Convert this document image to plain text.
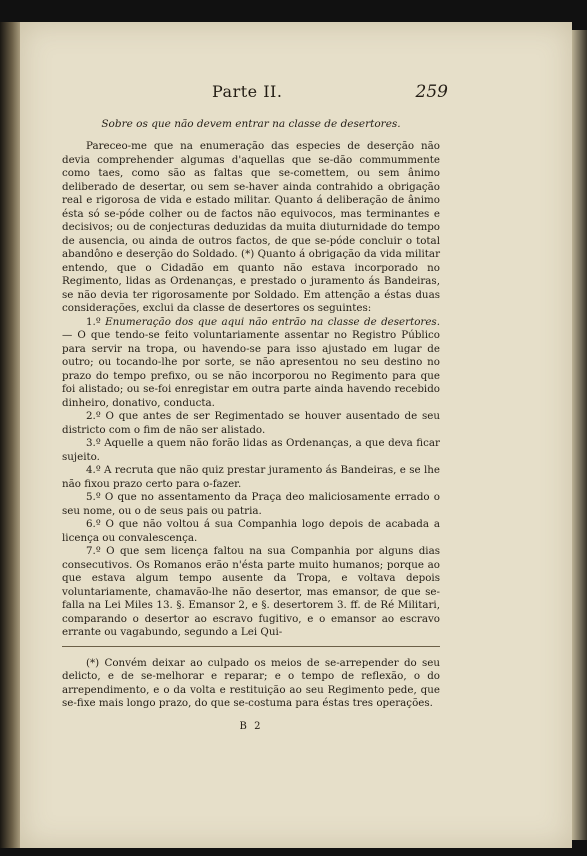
Parte II.	259
Sobre os que não devem entrar na classe de desertores.

Pareceo-me que na enumeração das especies de deserção não devia comprehender algumas d'aquellas que se-dão commummente como taes, como são as faltas que se-comettem, ou sem ânimo deliberado de desertar, ou sem se-haver ainda contrahido a obrigação real e rigorosa de vida e estado militar. Quanto á deliberação de ânimo ésta só se-póde colher ou de factos não equivocos, mas terminantes e decisivos; ou de conjecturas deduzidas da muita diuturnidade do tempo de ausencia, ou ainda de outros factos, de que se-póde concluir o total abandôno e deserção do Soldado. (*) Quanto á obrigação da vida militar entendo, que o Cidadão em quanto não estava incorporado no Regimento, lidas as Ordenanças, e prestado o juramento ás Bandeiras, se não devia ter rigorosamente por Soldado. Em attenção a éstas duas considerações, exclui da classe de desertores os seguintes:

1.º Enumeração dos que aqui não entrão na classe de desertores. — O que tendo-se feito voluntariamente assentar no Registro Público para servir na tropa, ou havendo-se para isso ajustado em lugar de outro; ou tocando-lhe por sorte, se não apresentou no seu destino no prazo do tempo prefixo, ou se não incorporou no Regimento para que foi alistado; ou se-foi enregistar em outra parte ainda havendo recebido dinheiro, donativo, conducta.

2.º O que antes de ser Regimentado se houver ausentado de seu districto com o fim de não ser alistado.

3.º Aquelle a quem não forão lidas as Ordenanças, a que deva ficar sujeito.

4.º A recruta que não quiz prestar juramento ás Bandeiras, e se lhe não fixou prazo certo para o-fazer.

5.º O que no assentamento da Praça deo maliciosamente errado o seu nome, ou o de seus pais ou patria.

6.º O que não voltou á sua Companhia logo depois de acabada a licença ou convalescença.

7.º O que sem licença faltou na sua Companhia por alguns dias consecutivos. Os Romanos erão n'ésta parte muito humanos; porque ao que estava algum tempo ausente da Tropa, e voltava depois voluntariamente, chamavão-lhe não desertor, mas emansor, de que se-falla na Lei Miles 13. §. Emansor 2, e §. desertorem 3. ff. de Ré Militari, comparando o desertor ao escravo fugitivo, e o emansor ao escravo errante ou vagabundo, segundo a Lei Qui-

(*) Convém deixar ao culpado os meios de se-arrepender do seu delicto, e de se-melhorar e reparar; e o tempo de reflexão, o do arrependimento, e o da volta e restituição ao seu Regimento pede, que se-fixe mais longo prazo, do que se-costuma para éstas tres operações.

B 2
